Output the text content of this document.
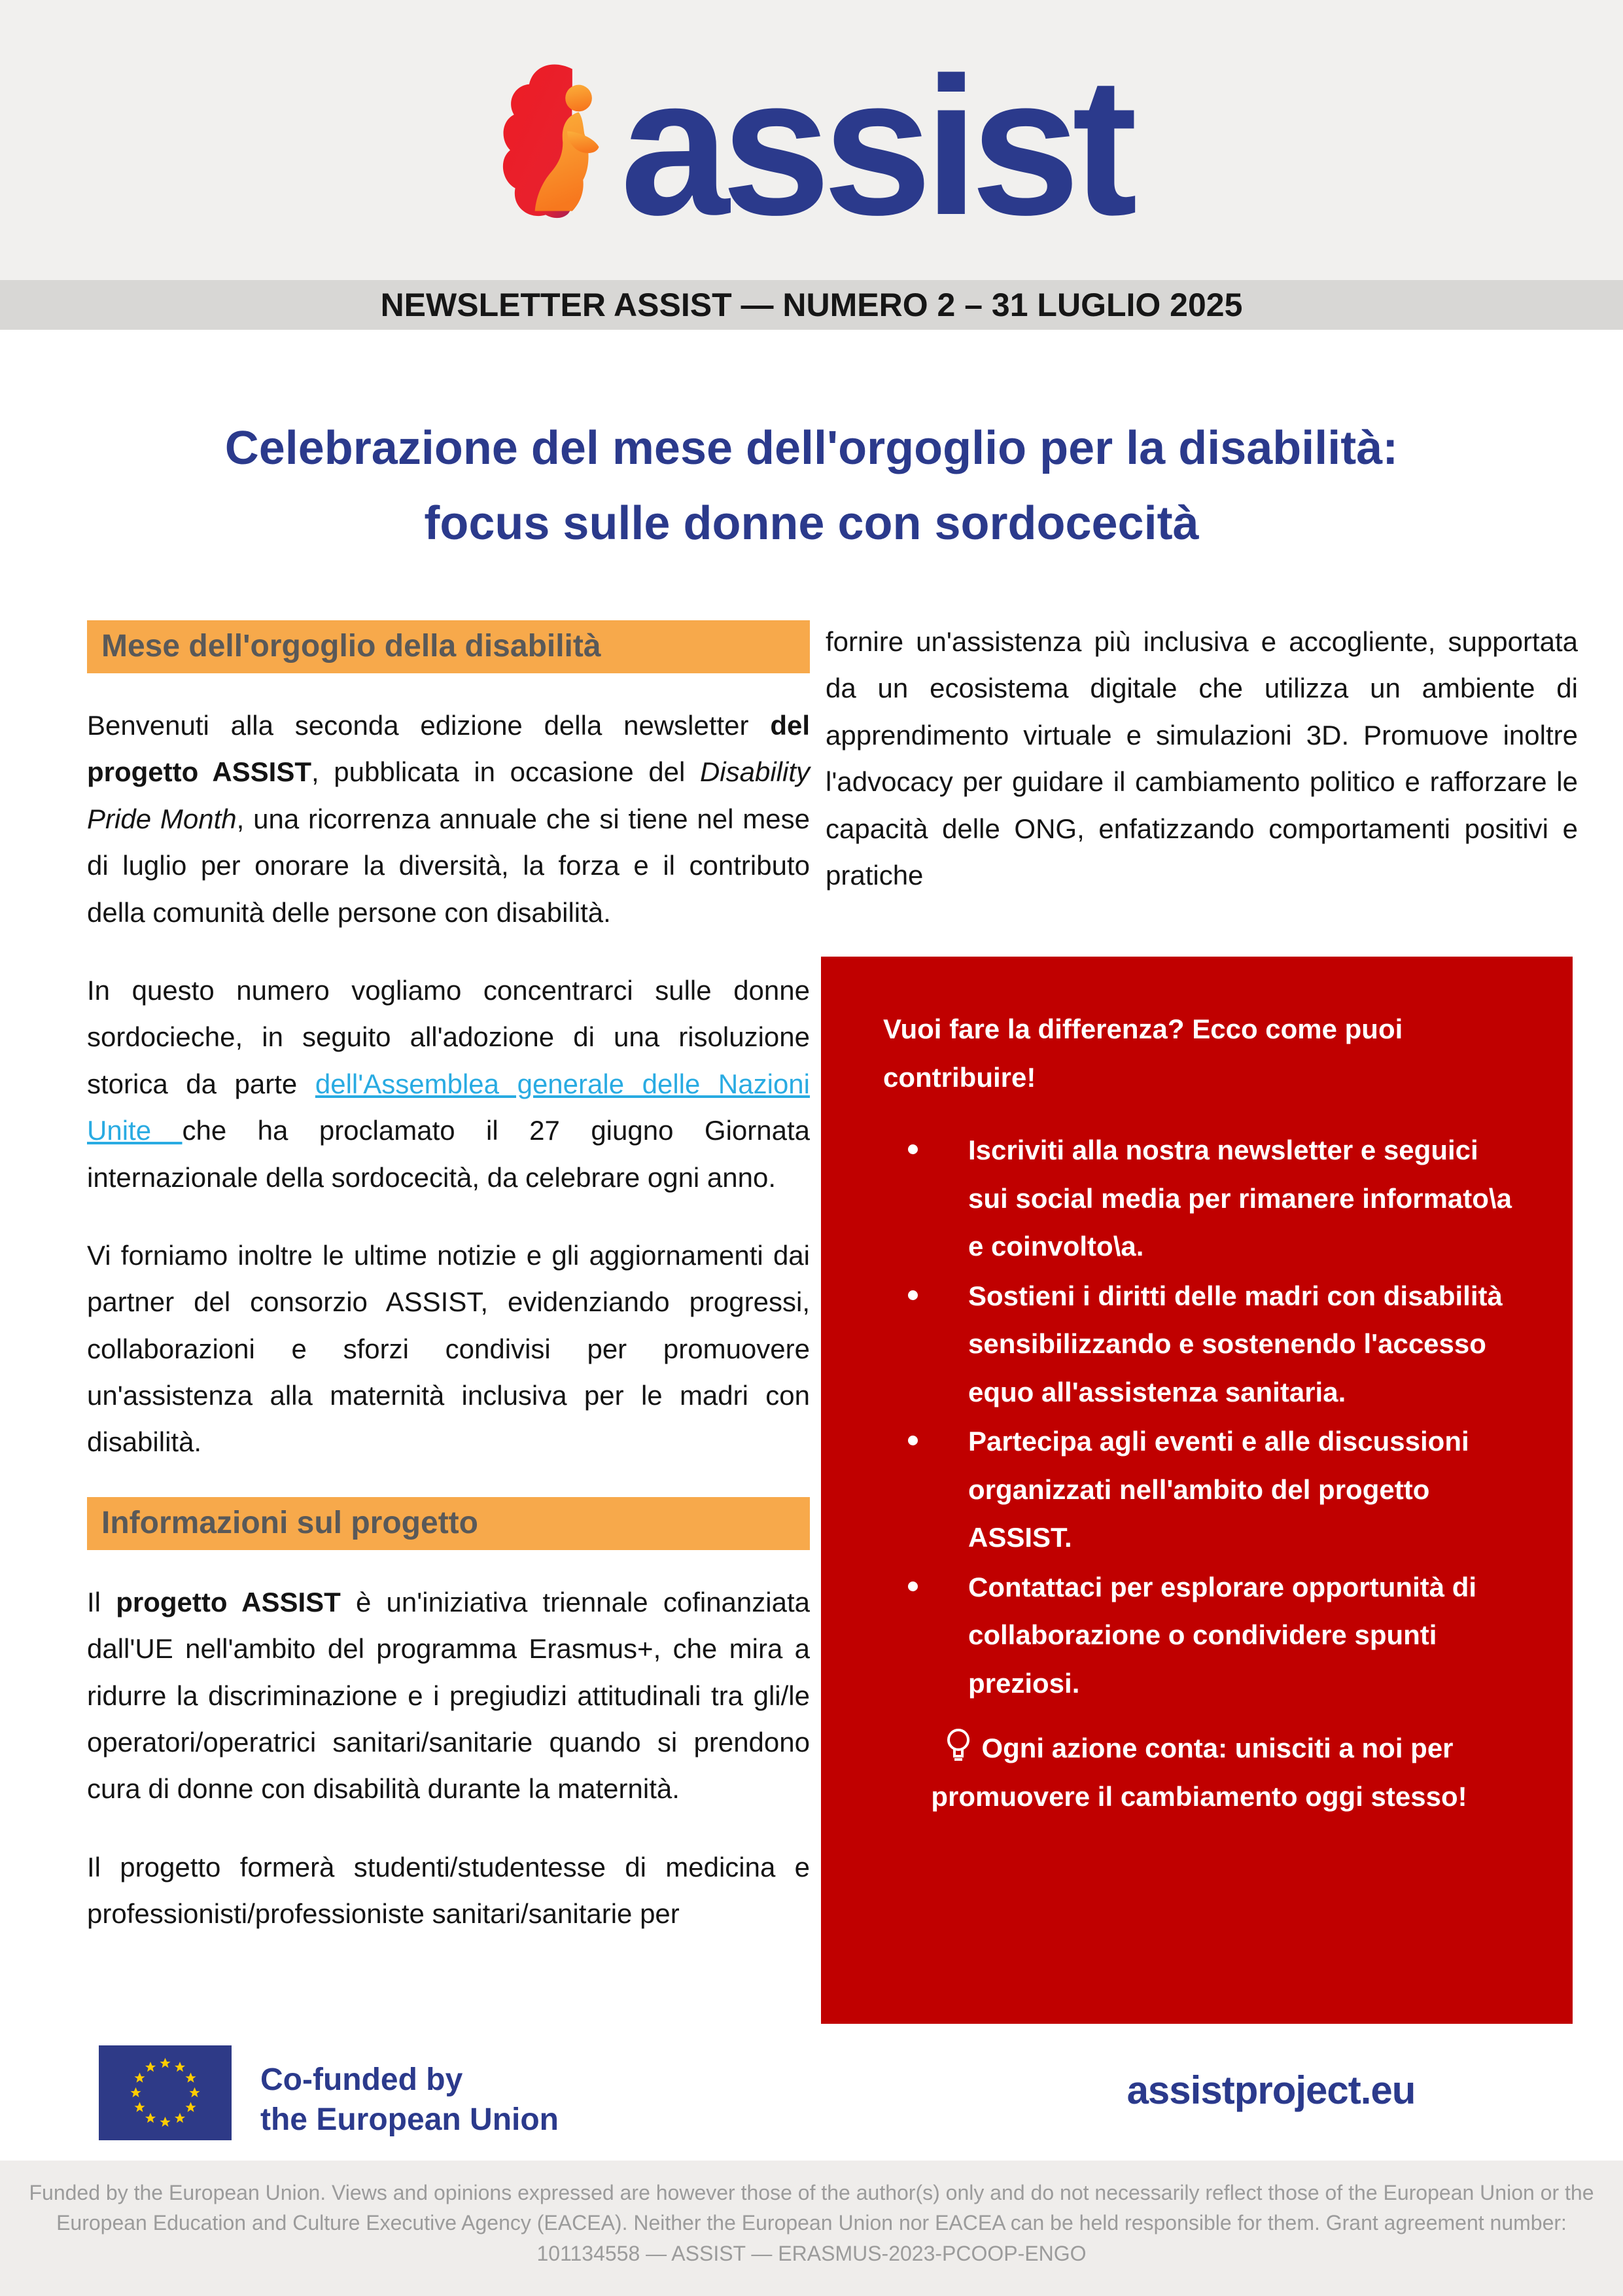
assist
NEWSLETTER ASSIST — NUMERO 2 – 31 LUGLIO 2025
Celebrazione del mese dell'orgoglio per la disabilità:
focus sulle donne con sordocecità
Mese dell'orgoglio della disabilità

Benvenuti alla seconda edizione della newsletter del progetto ASSIST, pubblicata in occasione del Disability Pride Month, una ricorrenza annuale che si tiene nel mese di luglio per onorare la diversità, la forza e il contributo della comunità delle persone con disabilità.

In questo numero vogliamo concentrarci sulle donne sordocieche, in seguito all'adozione di una risoluzione storica da parte dell'Assemblea generale delle Nazioni Unite che ha proclamato il 27 giugno Giornata internazionale della sordocecità, da celebrare ogni anno.

Vi forniamo inoltre le ultime notizie e gli aggiornamenti dai partner del consorzio ASSIST, evidenziando progressi, collaborazioni e sforzi condivisi per promuovere un'assistenza alla maternità inclusiva per le madri con disabilità.

Informazioni sul progetto

Il progetto ASSIST è un'iniziativa triennale cofinanziata dall'UE nell'ambito del programma Erasmus+, che mira a ridurre la discriminazione e i pregiudizi attitudinali tra gli/le operatori/operatrici sanitari/sanitarie quando si prendono cura di donne con disabilità durante la maternità.

Il progetto formerà studenti/studentesse di medicina e professionisti/professioniste sanitari/sanitarie per

fornire un'assistenza più inclusiva e accogliente, supportata da un ecosistema digitale che utilizza un ambiente di apprendimento virtuale e simulazioni 3D. Promuove inoltre l'advocacy per guidare il cambiamento politico e rafforzare le capacità delle ONG, enfatizzando comportamenti positivi e pratiche

Vuoi fare la differenza? Ecco come puoi contribuire!

Iscriviti alla nostra newsletter e seguici sui social media per rimanere informato\a e coinvolto\a.
Sostieni i diritti delle madri con disabilità sensibilizzando e sostenendo l'accesso equo all'assistenza sanitaria.
Partecipa agli eventi e alle discussioni organizzati nell'ambito del progetto ASSIST.
Contattaci per esplorare opportunità di collaborazione o condividere spunti preziosi.

Ogni azione conta: unisciti a noi per promuovere il cambiamento oggi stesso!

Co-funded by
the European Union
assistproject.eu

Funded by the European Union. Views and opinions expressed are however those of the author(s) only and do not necessarily reflect those of the European Union or the European Education and Culture Executive Agency (EACEA). Neither the European Union nor EACEA can be held responsible for them. Grant agreement number: 101134558 — ASSIST — ERASMUS-2023-PCOOP-ENGO
